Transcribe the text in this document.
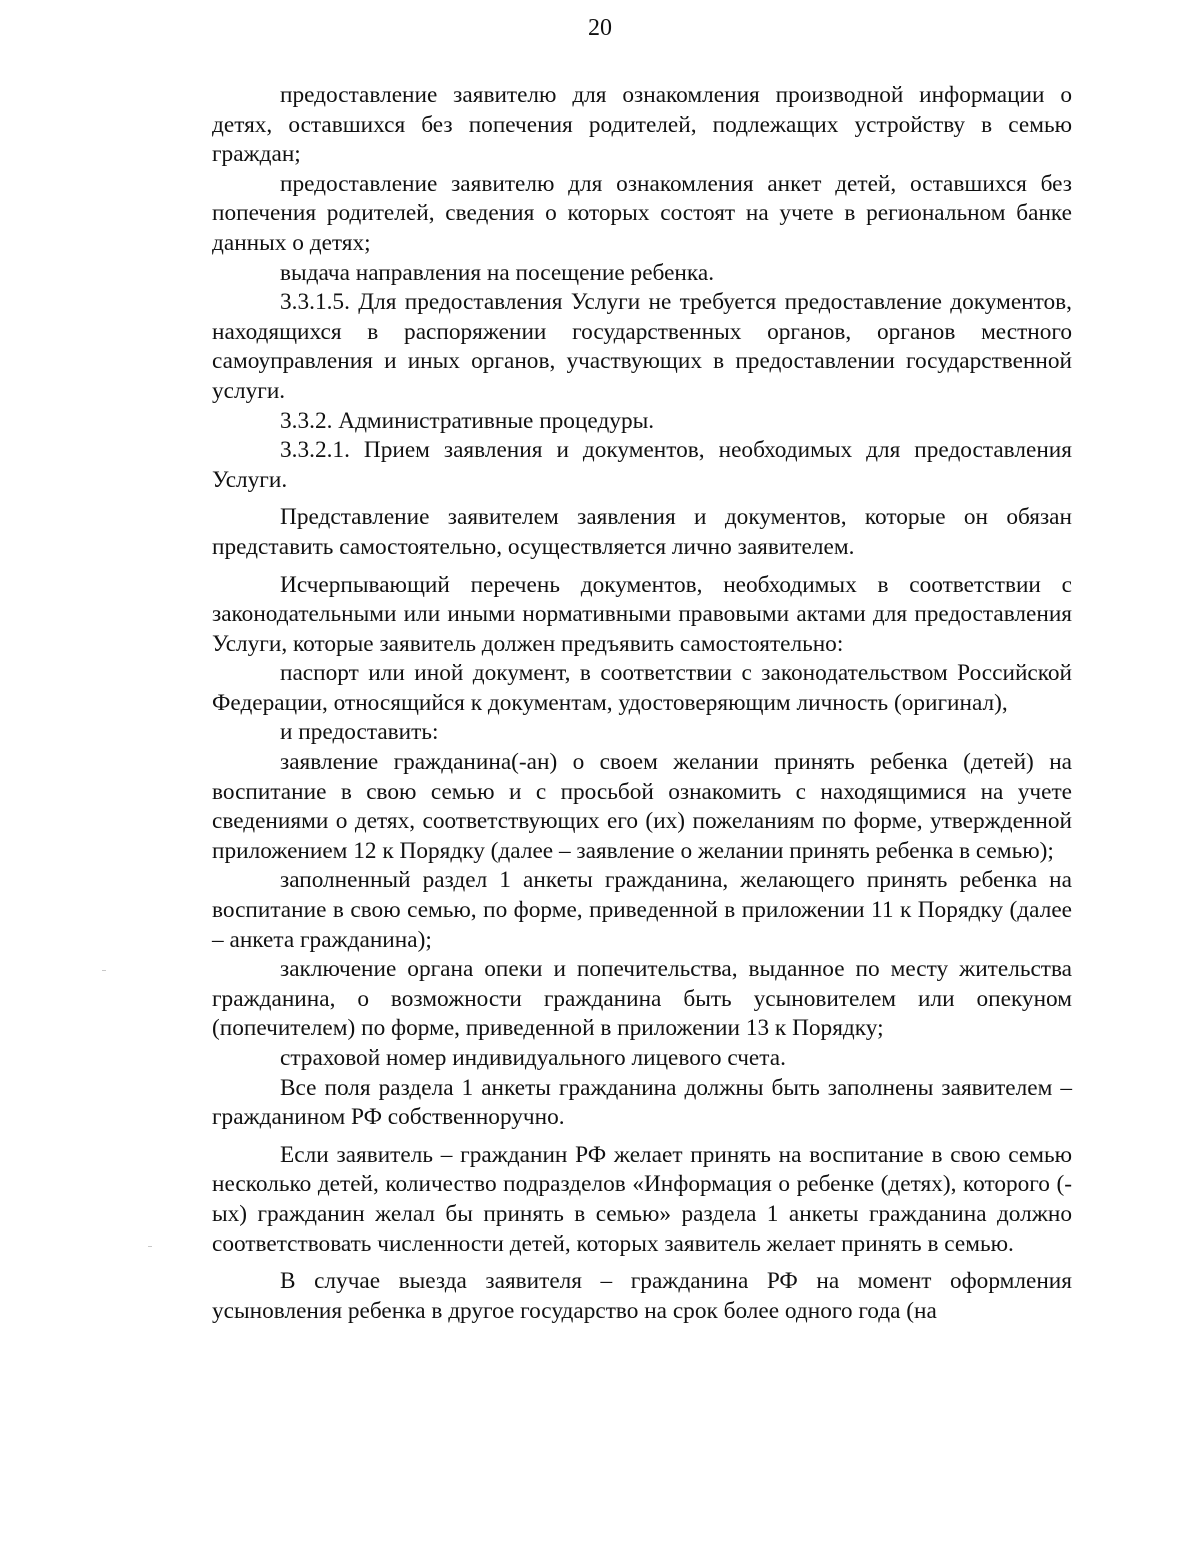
20

предоставление заявителю для ознакомления производной информации о детях, оставшихся без попечения родителей, подлежащих устройству в семью граждан;

предоставление заявителю для ознакомления анкет детей, оставшихся без попечения родителей, сведения о которых состоят на учете в региональном банке данных о детях;

выдача направления на посещение ребенка.

3.3.1.5. Для предоставления Услуги не требуется предоставление документов, находящихся в распоряжении государственных органов, органов местного самоуправления и иных органов, участвующих в предоставлении государственной услуги.

3.3.2. Административные процедуры.

3.3.2.1. Прием заявления и документов, необходимых для предоставления Услуги.

Представление заявителем заявления и документов, которые он обязан представить самостоятельно, осуществляется лично заявителем.

Исчерпывающий перечень документов, необходимых в соответствии с законодательными или иными нормативными правовыми актами для предоставления Услуги, которые заявитель должен предъявить самостоятельно:

паспорт или иной документ, в соответствии с законодательством Российской Федерации, относящийся к документам, удостоверяющим личность (оригинал),

и предоставить:

заявление гражданина(-ан) о своем желании принять ребенка (детей) на воспитание в свою семью и с просьбой ознакомить с находящимися на учете сведениями о детях, соответствующих его (их) пожеланиям по форме, утвержденной приложением 12 к Порядку (далее – заявление о желании принять ребенка в семью);

заполненный раздел 1 анкеты гражданина, желающего принять ребенка на воспитание в свою семью, по форме, приведенной в приложении 11 к Порядку (далее – анкета гражданина);

заключение органа опеки и попечительства, выданное по месту жительства гражданина, о возможности гражданина быть усыновителем или опекуном (попечителем) по форме, приведенной в приложении 13 к Порядку;

страховой номер индивидуального лицевого счета.

Все поля раздела 1 анкеты гражданина должны быть заполнены заявителем – гражданином РФ собственноручно.

Если заявитель – гражданин РФ желает принять на воспитание в свою семью несколько детей, количество подразделов «Информация о ребенке (детях), которого (-ых) гражданин желал бы принять в семью» раздела 1 анкеты гражданина должно соответствовать численности детей, которых заявитель желает принять в семью.

В случае выезда заявителя – гражданина РФ на момент оформления усыновления ребенка в другое государство на срок более одного года (на
